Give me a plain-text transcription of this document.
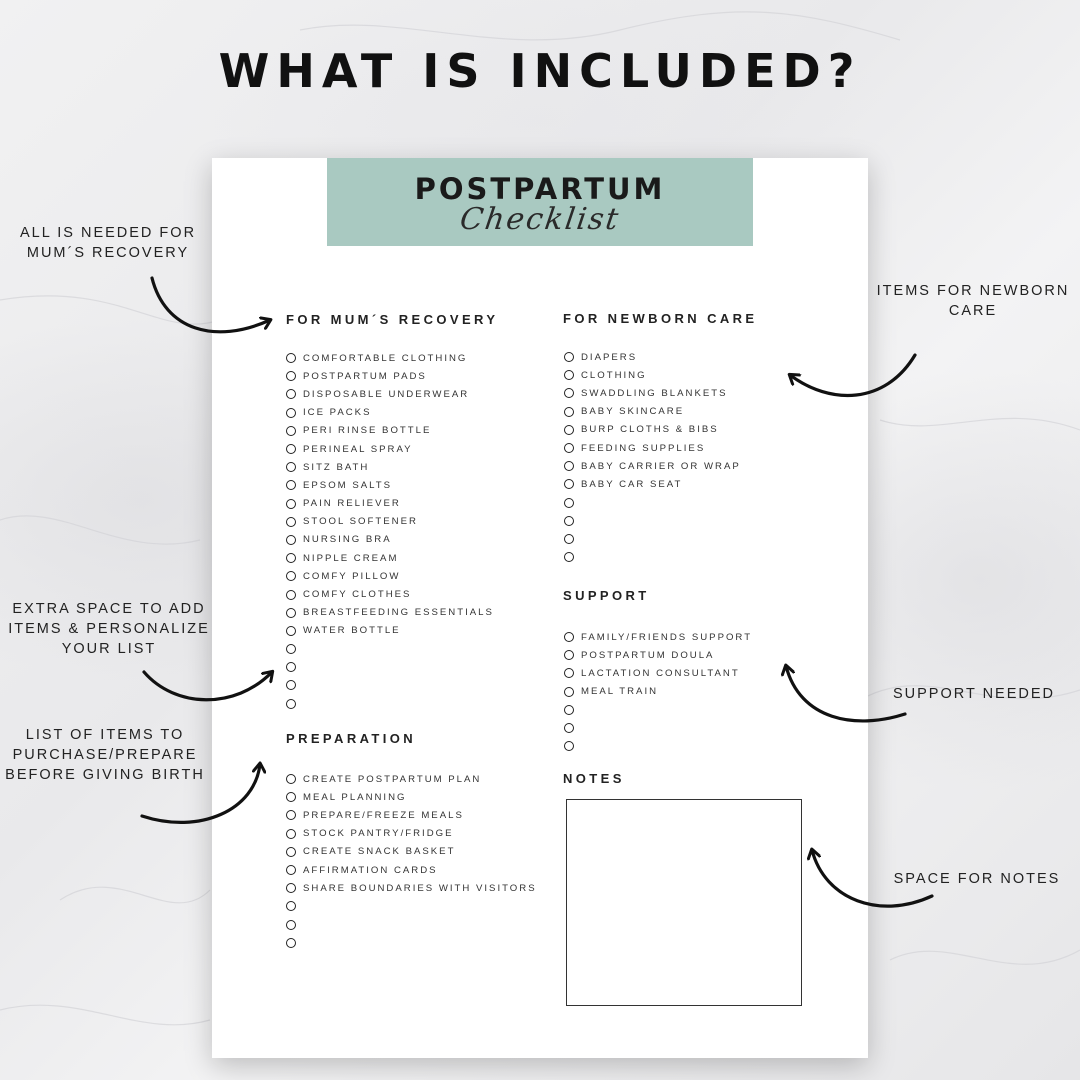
WHAT IS INCLUDED?
POSTPARTUM
Checklist
FOR MUM´S RECOVERY
COMFORTABLE CLOTHING
POSTPARTUM PADS
DISPOSABLE UNDERWEAR
ICE PACKS
PERI RINSE BOTTLE
PERINEAL SPRAY
SITZ BATH
EPSOM SALTS
PAIN RELIEVER
STOOL SOFTENER
NURSING BRA
NIPPLE CREAM
COMFY PILLOW
COMFY CLOTHES
BREASTFEEDING ESSENTIALS
WATER BOTTLE
FOR NEWBORN CARE
DIAPERS
CLOTHING
SWADDLING BLANKETS
BABY SKINCARE
BURP CLOTHS & BIBS
FEEDING SUPPLIES
BABY CARRIER OR WRAP
BABY CAR SEAT
SUPPORT
FAMILY/FRIENDS SUPPORT
POSTPARTUM DOULA
LACTATION CONSULTANT
MEAL TRAIN
PREPARATION
CREATE POSTPARTUM PLAN
MEAL PLANNING
PREPARE/FREEZE MEALS
STOCK PANTRY/FRIDGE
CREATE SNACK BASKET
AFFIRMATION CARDS
SHARE BOUNDARIES WITH VISITORS
NOTES
ALL IS NEEDED FOR
MUM´S RECOVERY
EXTRA SPACE TO ADD
ITEMS & PERSONALIZE
YOUR LIST
LIST OF ITEMS TO
PURCHASE/PREPARE
BEFORE GIVING BIRTH
ITEMS FOR NEWBORN
CARE
SUPPORT NEEDED
SPACE FOR NOTES
